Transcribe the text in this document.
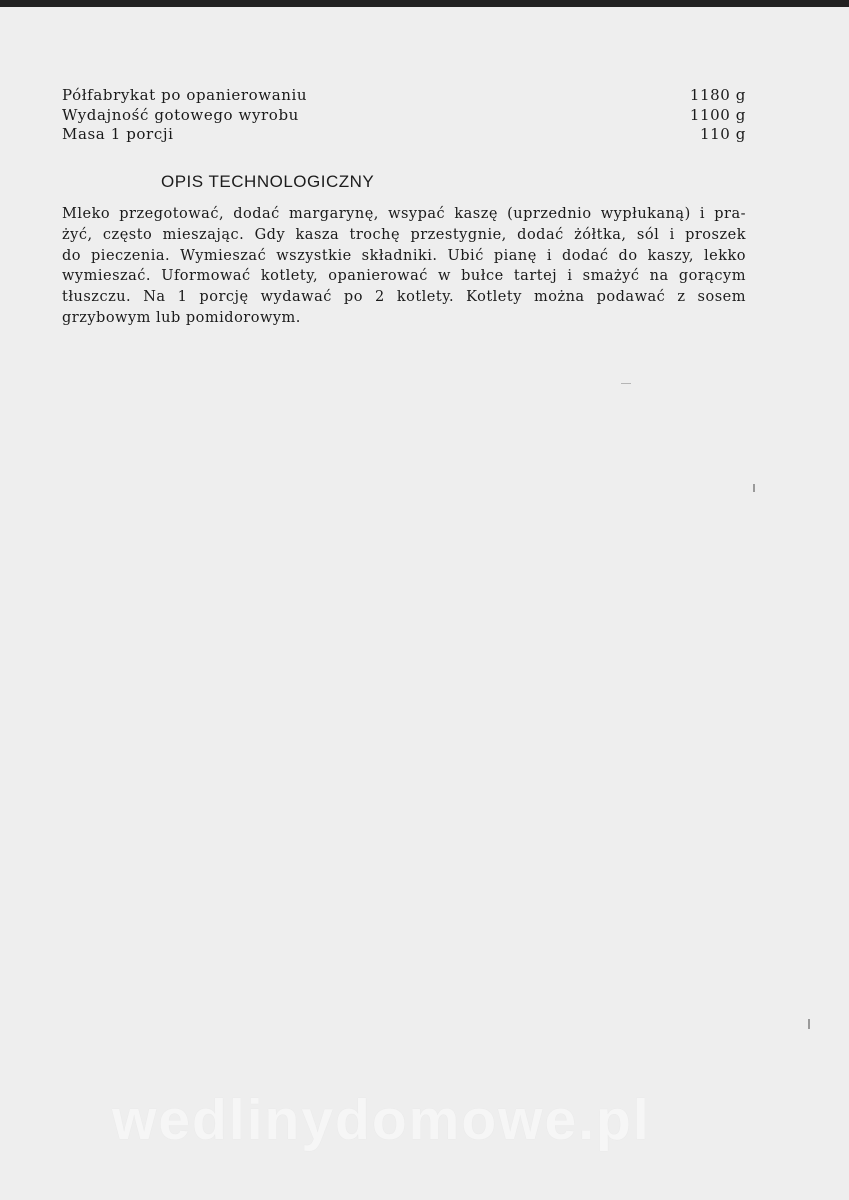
Półfabrykat po opanierowaniu	1180 g
Wydajność gotowego wyrobu	1100 g
Masa 1 porcji	110 g
OPIS TECHNOLOGICZNY
Mleko przegotować, dodać margarynę, wsypać kaszę (uprzednio wypłukaną) i pra-
żyć, często mieszając. Gdy kasza trochę przestygnie, dodać żółtka, sól i proszek
do pieczenia. Wymieszać wszystkie składniki. Ubić pianę i dodać do kaszy, lekko
wymieszać. Uformować kotlety, opanierować w bułce tartej i smażyć na gorącym
tłuszczu. Na 1 porcję wydawać po 2 kotlety. Kotlety można podawać z sosem
grzybowym lub pomidorowym.
wedlinydomowe.pl
